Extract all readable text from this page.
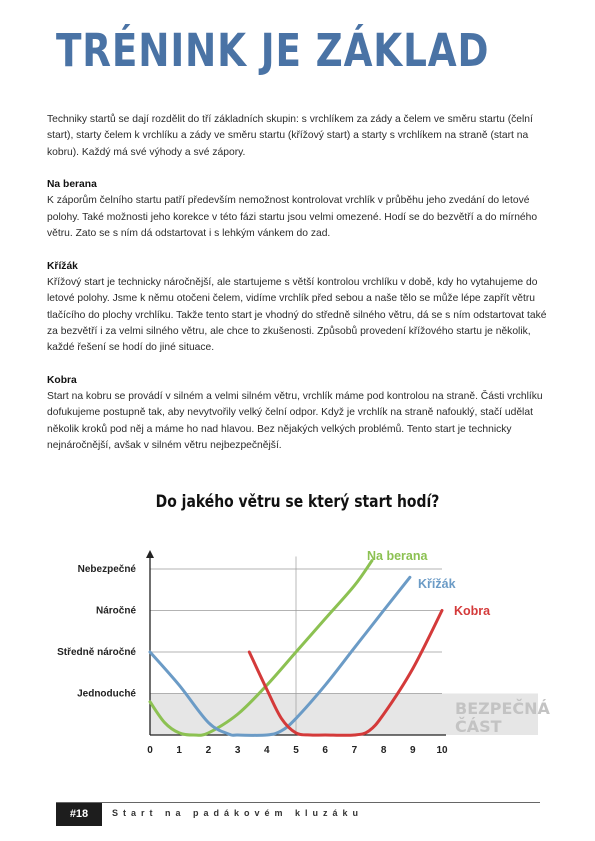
TRÉNINK JE ZÁKLAD

Techniky startů se dají rozdělit do tří základních skupin: s vrchlíkem za zády a čelem ve směru startu (čelní start), starty čelem k vrchlíku a zády ve směru startu (křížový start) a starty s vrchlíkem na straně (start na kobru). Každý má své výhody a své zápory.

Na berana

K záporům čelního startu patří především nemožnost kontrolovat vrchlík v průběhu jeho zvedání do letové polohy. Také možnosti jeho korekce v této fázi startu jsou velmi omezené. Hodí se do bezvětří a do mírného větru. Zato se s ním dá odstartovat i s lehkým vánkem do zad.

Křížák

Křížový start je technicky náročnější, ale startujeme s větší kontrolou vrchlíku v době, kdy ho vytahujeme do letové polohy. Jsme k němu otočeni čelem, vidíme vrchlík před sebou a naše tělo se může lépe zapřít větru tlačícího do plochy vrchlíku. Takže tento start je vhodný do středně silného větru, dá se s ním odstartovat také za bezvětří i za velmi silného větru, ale chce to zkušenosti. Způsobů provedení křížového startu je několik, každé řešení se hodí do jiné situace.

Kobra

Start na kobru se provádí v silném a velmi silném větru, vrchlík máme pod kontrolou na straně. Části vrchlíku dofukujeme postupně tak, aby nevytvořily velký čelní odpor. Když je vrchlík na straně nafouklý, stačí udělat několik kroků pod něj a máme ho nad hlavou. Bez nějakých velkých problémů. Tento start je technicky nejnáročnější, avšak v silném větru nejbezpečnější.

Do jakého větru se který start hodí?
Jednoduché
Středně náročné
Náročné
Nebezpečné
0 1 2 3 4 5 6 7 8 9 10
BEZPEČNÁ
ČÁST
Na berana
Křížák
Kobra
#18	Start na padákovém kluzáku
